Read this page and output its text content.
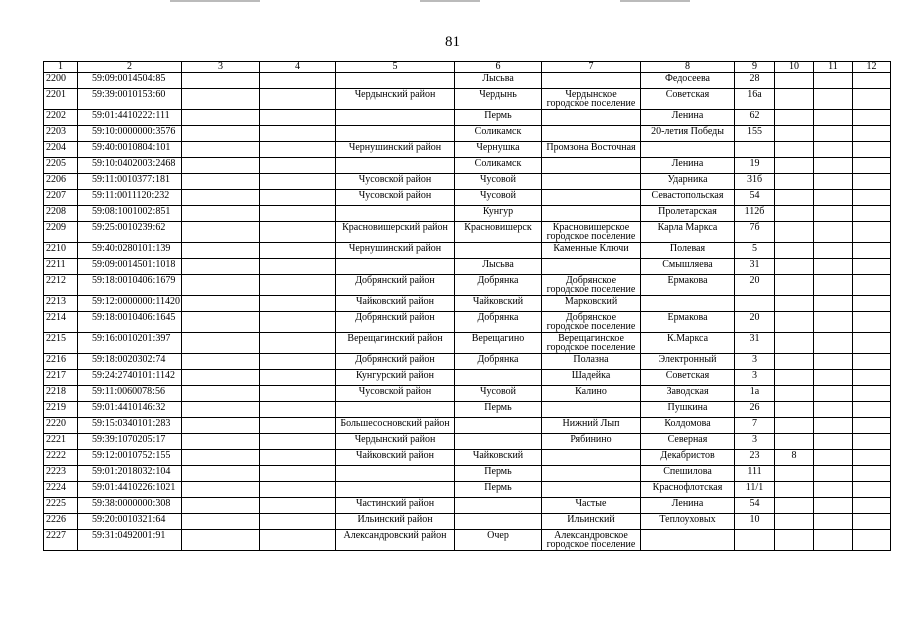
81
1	2	3	4	5	6	7	8	9	10	11	12
2200	59:09:0014504:85				Лысьва		Федосеева	28			
2201	59:39:0010153:60			Чердынский район	Чердынь	Чердынское городское поселение	Советская	16а			
2202	59:01:4410222:111				Пермь		Ленина	62			
2203	59:10:0000000:3576				Соликамск		20-летия Победы	155			
2204	59:40:0010804:101			Чернушинский район	Чернушка	Промзона Восточная					
2205	59:10:0402003:2468				Соликамск		Ленина	19			
2206	59:11:0010377:181			Чусовской район	Чусовой		Ударника	31б			
2207	59:11:0011120:232			Чусовской район	Чусовой		Севастопольская	54			
2208	59:08:1001002:851				Кунгур		Пролетарская	112б			
2209	59:25:0010239:62			Красновишерский район	Красновишерск	Красновишерское городское поселение	Карла Маркса	7б			
2210	59:40:0280101:139			Чернушинский район		Каменные Ключи	Полевая	5			
2211	59:09:0014501:1018				Лысьва		Смышляева	31			
2212	59:18:0010406:1679			Добрянский район	Добрянка	Добрянское городское поселение	Ермакова	20			
2213	59:12:0000000:11420			Чайковский район	Чайковский	Марковский					
2214	59:18:0010406:1645			Добрянский район	Добрянка	Добрянское городское поселение	Ермакова	20			
2215	59:16:0010201:397			Верещагинский район	Верещагино	Верещагинское городское поселение	К.Маркса	31			
2216	59:18:0020302:74			Добрянский район	Добрянка	Полазна	Электронный	3			
2217	59:24:2740101:1142			Кунгурский район		Шадейка	Советская	3			
2218	59:11:0060078:56			Чусовской район	Чусовой	Калино	Заводская	1а			
2219	59:01:4410146:32				Пермь		Пушкина	26			
2220	59:15:0340101:283			Большесосновский район		Нижний Лып	Колдомова	7			
2221	59:39:1070205:17			Чердынский район		Рябинино	Северная	3			
2222	59:12:0010752:155			Чайковский район	Чайковский		Декабристов	23	8		
2223	59:01:2018032:104				Пермь		Спешилова	111			
2224	59:01:4410226:1021				Пермь		Краснофлотская	11/1			
2225	59:38:0000000:308			Частинский район		Частые	Ленина	54			
2226	59:20:0010321:64			Ильинский район		Ильинский	Теплоуховых	10			
2227	59:31:0492001:91			Александровский район	Очер	Александровское городское поселение					
